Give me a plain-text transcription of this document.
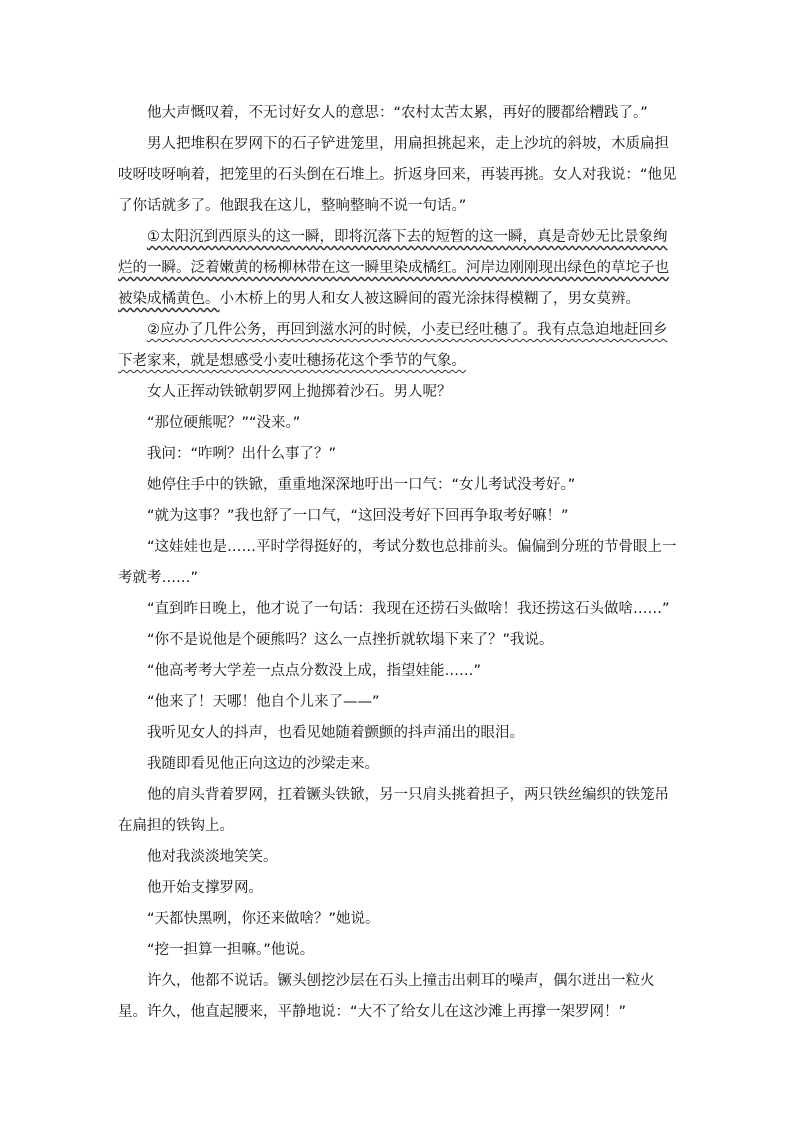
他大声慨叹着，不无讨好女人的意思：“农村太苦太累，再好的腰都给糟践了。”

男人把堆积在罗网下的石子铲进笼里，用扁担挑起来，走上沙坑的斜坡，木质扁担吱呀吱呀响着，把笼里的石头倒在石堆上。折返身回来，再装再挑。女人对我说：“他见了你话就多了。他跟我在这儿，整晌整晌不说一句话。”

①太阳沉到西原头的这一瞬，即将沉落下去的短暂的这一瞬，真是奇妙无比景象绚烂的一瞬。泛着嫩黄的杨柳林带在这一瞬里染成橘红。河岸边刚刚现出绿色的草坨子也被染成橘黄色。小木桥上的男人和女人被这瞬间的霞光涂抹得模糊了，男女莫辨。

②应办了几件公务，再回到滋水河的时候，小麦已经吐穗了。我有点急迫地赶回乡下老家来，就是想感受小麦吐穗扬花这个季节的气象。

女人正挥动铁锨朝罗网上抛掷着沙石。男人呢？

“那位硬熊呢？”“没来。”

我问：“咋咧？出什么事了？”

她停住手中的铁锨，重重地深深地吁出一口气：“女儿考试没考好。”

“就为这事？”我也舒了一口气，“这回没考好下回再争取考好嘛！”

“这娃娃也是……平时学得挺好的，考试分数也总排前头。偏偏到分班的节骨眼上一考就考……”

“直到昨日晚上，他才说了一句话：我现在还捞石头做啥！我还捞这石头做啥……”

“你不是说他是个硬熊吗？这么一点挫折就软塌下来了？”我说。

“他高考考大学差一点点分数没上成，指望娃能……”

“他来了！天哪！他自个儿来了——”

我听见女人的抖声，也看见她随着颤颤的抖声涌出的眼泪。

我随即看见他正向这边的沙梁走来。

他的肩头背着罗网，扛着镢头铁锨，另一只肩头挑着担子，两只铁丝编织的铁笼吊在扁担的铁钩上。

他对我淡淡地笑笑。

他开始支撑罗网。

“天都快黑咧，你还来做啥？”她说。

“挖一担算一担嘛。”他说。

许久，他都不说话。镢头刨挖沙层在石头上撞击出刺耳的噪声，偶尔迸出一粒火星。 许久，他直起腰来，平静地说：“大不了给女儿在这沙滩上再撑一架罗网！”
